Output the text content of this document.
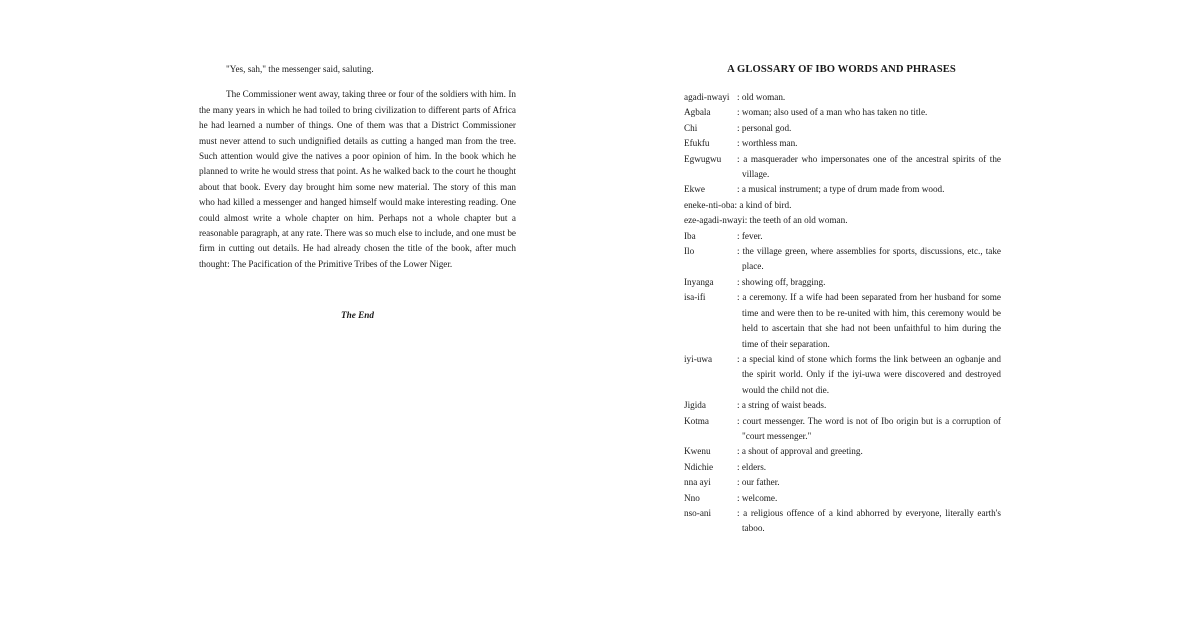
"Yes, sah," the messenger said, saluting.

The Commissioner went away, taking three or four of the soldiers with him. In the many years in which he had toiled to bring civilization to different parts of Africa he had learned a number of things. One of them was that a District Commissioner must never attend to such undignified details as cutting a hanged man from the tree. Such attention would give the natives a poor opinion of him. In the book which he planned to write he would stress that point. As he walked back to the court he thought about that book. Every day brought him some new material. The story of this man who had killed a messenger and hanged himself would make interesting reading. One could almost write a whole chapter on him. Perhaps not a whole chapter but a reasonable paragraph, at any rate. There was so much else to include, and one must be firm in cutting out details. He had already chosen the title of the book, after much thought: The Pacification of the Primitive Tribes of the Lower Niger.

The End
A GLOSSARY OF IBO WORDS AND PHRASES
agadi-nwayi : old woman.
Agbala	: woman; also used of a man who has taken no title.
Chi	: personal god.
Efukfu	: worthless man.
Egwugwu	: a masquerader who impersonates one of the ancestral spirits of the village.
Ekwe	: a musical instrument; a type of drum made from wood.
eneke-nti-oba : a kind of bird.
eze-agadi-nwayi : the teeth of an old woman.
Iba	: fever.
Ilo	: the village green, where assemblies for sports, discussions, etc., take place.
Inyanga	: showing off, bragging.
isa-ifi	: a ceremony. If a wife had been separated from her husband for some time and were then to be re-united with him, this ceremony would be held to ascertain that she had not been unfaithful to him during the time of their separation.
iyi-uwa	: a special kind of stone which forms the link between an ogbanje and the spirit world. Only if the iyi-uwa were discovered and destroyed would the child not die.
Jigida	: a string of waist beads.
Kotma	: court messenger. The word is not of Ibo origin but is a corruption of "court messenger."
Kwenu	: a shout of approval and greeting.
Ndichie	: elders.
nna ayi	: our father.
Nno	: welcome.
nso-ani	: a religious offence of a kind abhorred by everyone, literally earth's taboo.
